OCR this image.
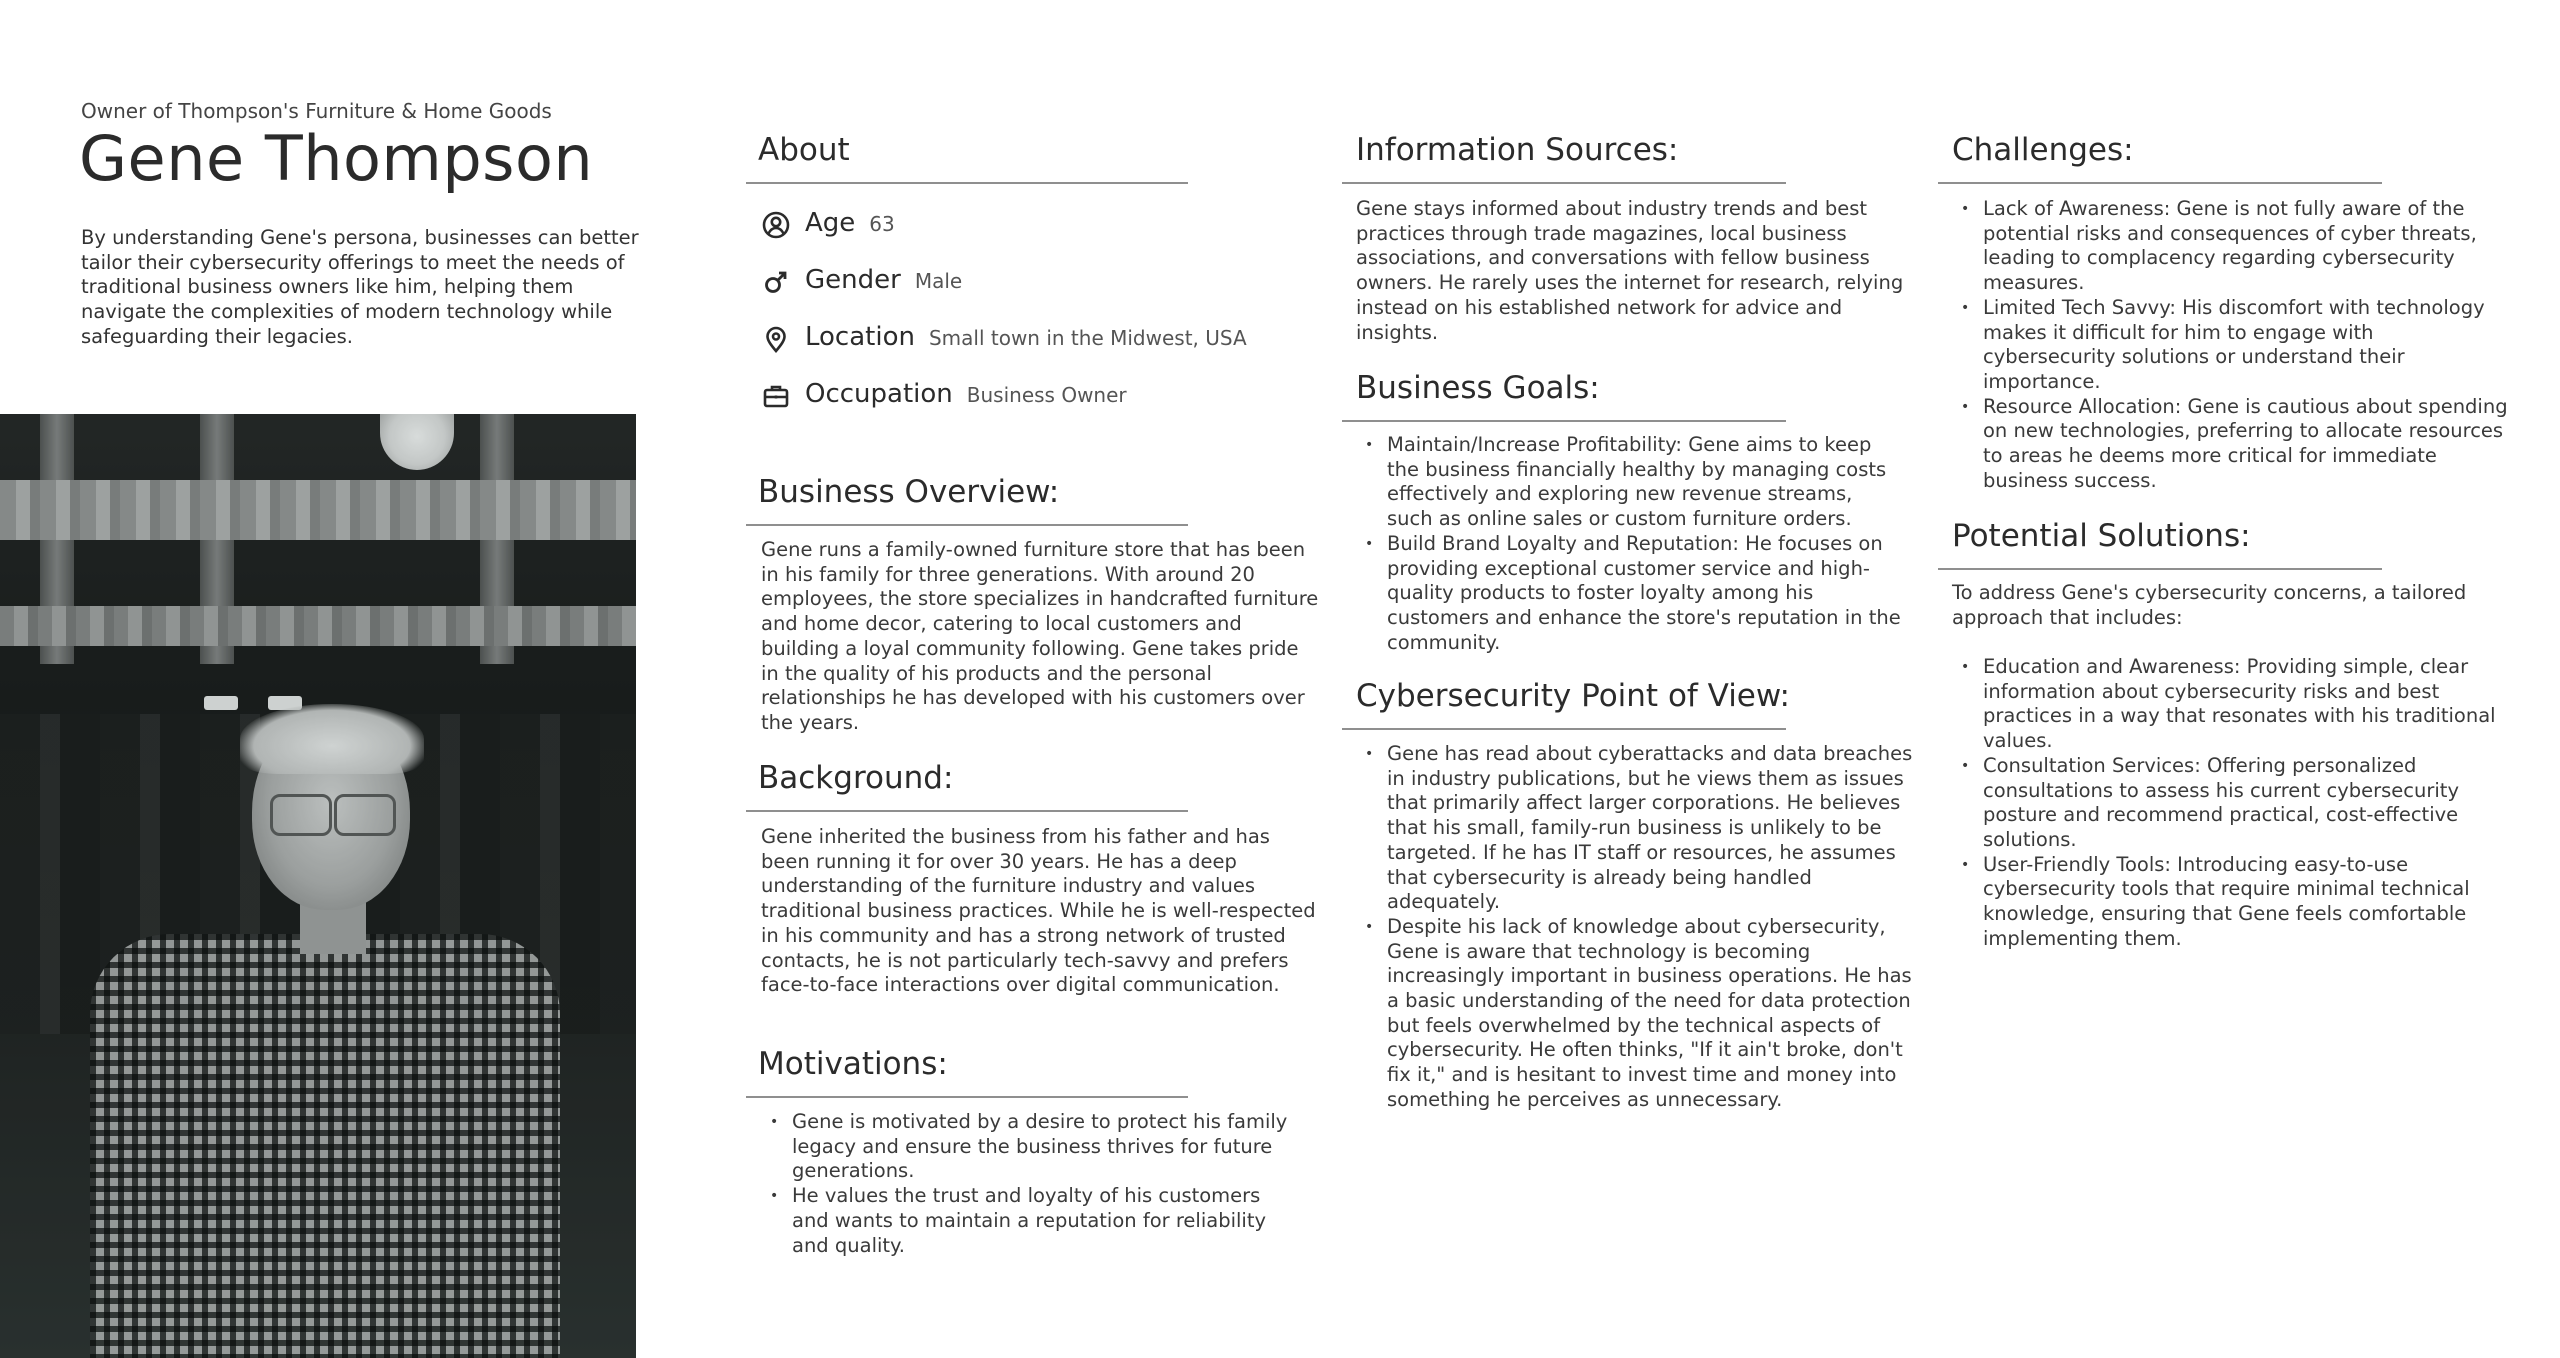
Owner of Thompson's Furniture & Home Goods
Gene Thompson
By understanding Gene's persona, businesses can better tailor their cybersecurity offerings to meet the needs of traditional business owners like him, helping them navigate the complexities of modern technology while safeguarding their legacies.
About
Age 63
Gender Male
Location Small town in the Midwest, USA
Occupation Business Owner
Business Overview:
Gene runs a family-owned furniture store that has been in his family for three generations. With around 20 employees, the store specializes in handcrafted furniture and home decor, catering to local customers and building a loyal community following. Gene takes pride in the quality of his products and the personal relationships he has developed with his customers over the years.
Background:
Gene inherited the business from his father and has been running it for over 30 years. He has a deep understanding of the furniture industry and values traditional business practices. While he is well-respected in his community and has a strong network of trusted contacts, he is not particularly tech-savvy and prefers face-to-face interactions over digital communication.
Motivations:
• Gene is motivated by a desire to protect his family legacy and ensure the business thrives for future generations.
• He values the trust and loyalty of his customers and wants to maintain a reputation for reliability and quality.
Information Sources:
Gene stays informed about industry trends and best practices through trade magazines, local business associations, and conversations with fellow business owners. He rarely uses the internet for research, relying instead on his established network for advice and insights.
Business Goals:
• Maintain/Increase Profitability: Gene aims to keep the business financially healthy by managing costs effectively and exploring new revenue streams, such as online sales or custom furniture orders.
• Build Brand Loyalty and Reputation: He focuses on providing exceptional customer service and high-quality products to foster loyalty among his customers and enhance the store's reputation in the community.
Cybersecurity Point of View:
• Gene has read about cyberattacks and data breaches in industry publications, but he views them as issues that primarily affect larger corporations. He believes that his small, family-run business is unlikely to be targeted. If he has IT staff or resources, he assumes that cybersecurity is already being handled adequately.
• Despite his lack of knowledge about cybersecurity, Gene is aware that technology is becoming increasingly important in business operations. He has a basic understanding of the need for data protection but feels overwhelmed by the technical aspects of cybersecurity. He often thinks, "If it ain't broke, don't fix it," and is hesitant to invest time and money into something he perceives as unnecessary.
Challenges:
• Lack of Awareness: Gene is not fully aware of the potential risks and consequences of cyber threats, leading to complacency regarding cybersecurity measures.
• Limited Tech Savvy: His discomfort with technology makes it difficult for him to engage with cybersecurity solutions or understand their importance.
• Resource Allocation: Gene is cautious about spending on new technologies, preferring to allocate resources to areas he deems more critical for immediate business success.
Potential Solutions:
To address Gene's cybersecurity concerns, a tailored approach that includes:
• Education and Awareness: Providing simple, clear information about cybersecurity risks and best practices in a way that resonates with his traditional values.
• Consultation Services: Offering personalized consultations to assess his current cybersecurity posture and recommend practical, cost-effective solutions.
• User-Friendly Tools: Introducing easy-to-use cybersecurity tools that require minimal technical knowledge, ensuring that Gene feels comfortable implementing them.
